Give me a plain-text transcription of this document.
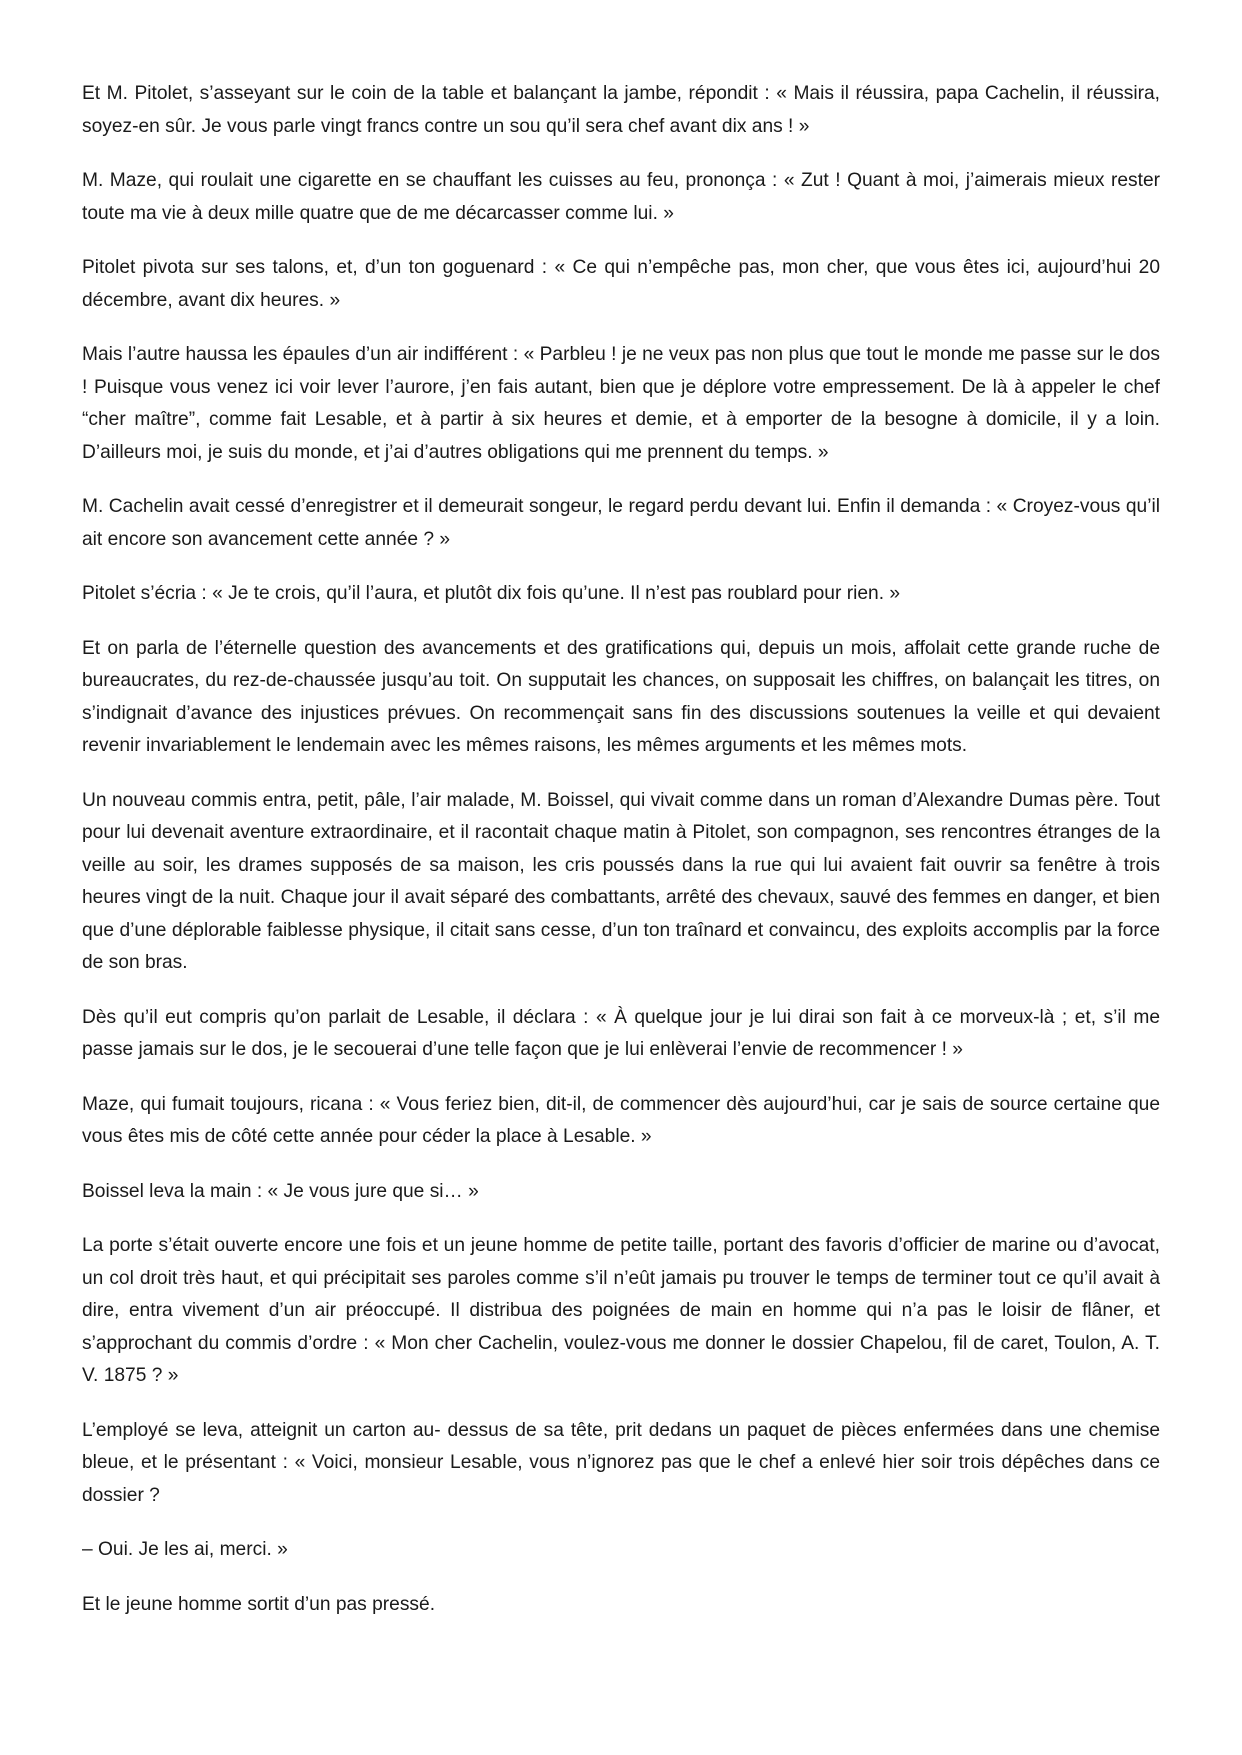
Et M. Pitolet, s’asseyant sur le coin de la table et balançant la jambe, répondit : « Mais il réussira, papa Cachelin, il réussira, soyez-en sûr. Je vous parle vingt francs contre un sou qu’il sera chef avant dix ans ! »

M. Maze, qui roulait une cigarette en se chauffant les cuisses au feu, prononça : « Zut ! Quant à moi, j’aimerais mieux rester toute ma vie à deux mille quatre que de me décarcasser comme lui. »

Pitolet pivota sur ses talons, et, d’un ton goguenard : « Ce qui n’empêche pas, mon cher, que vous êtes ici, aujourd’hui 20 décembre, avant dix heures. »

Mais l’autre haussa les épaules d’un air indifférent : « Parbleu ! je ne veux pas non plus que tout le monde me passe sur le dos ! Puisque vous venez ici voir lever l’aurore, j’en fais autant, bien que je déplore votre empressement. De là à appeler le chef “cher maître”, comme fait Lesable, et à partir à six heures et demie, et à emporter de la besogne à domicile, il y a loin. D’ailleurs moi, je suis du monde, et j’ai d’autres obligations qui me prennent du temps. »

M. Cachelin avait cessé d’enregistrer et il demeurait songeur, le regard perdu devant lui. Enfin il demanda : « Croyez-vous qu’il ait encore son avancement cette année ? »

Pitolet s’écria : « Je te crois, qu’il l’aura, et plutôt dix fois qu’une. Il n’est pas roublard pour rien. »

Et on parla de l’éternelle question des avancements et des gratifications qui, depuis un mois, affolait cette grande ruche de bureaucrates, du rez-de-chaussée jusqu’au toit. On supputait les chances, on supposait les chiffres, on balançait les titres, on s’indignait d’avance des injustices prévues. On recommençait sans fin des discussions soutenues la veille et qui devaient revenir invariablement le lendemain avec les mêmes raisons, les mêmes arguments et les mêmes mots.

Un nouveau commis entra, petit, pâle, l’air malade, M. Boissel, qui vivait comme dans un roman d’Alexandre Dumas père. Tout pour lui devenait aventure extraordinaire, et il racontait chaque matin à Pitolet, son compagnon, ses rencontres étranges de la veille au soir, les drames supposés de sa maison, les cris poussés dans la rue qui lui avaient fait ouvrir sa fenêtre à trois heures vingt de la nuit. Chaque jour il avait séparé des combattants, arrêté des chevaux, sauvé des femmes en danger, et bien que d’une déplorable faiblesse physique, il citait sans cesse, d’un ton traînard et convaincu, des exploits accomplis par la force de son bras.

Dès qu’il eut compris qu’on parlait de Lesable, il déclara : « À quelque jour je lui dirai son fait à ce morveux-là ; et, s’il me passe jamais sur le dos, je le secouerai d’une telle façon que je lui enlèverai l’envie de recommencer ! »

Maze, qui fumait toujours, ricana : « Vous feriez bien, dit-il, de commencer dès aujourd’hui, car je sais de source certaine que vous êtes mis de côté cette année pour céder la place à Lesable. »

Boissel leva la main : « Je vous jure que si… »

La porte s’était ouverte encore une fois et un jeune homme de petite taille, portant des favoris d’officier de marine ou d’avocat, un col droit très haut, et qui précipitait ses paroles comme s’il n’eût jamais pu trouver le temps de terminer tout ce qu’il avait à dire, entra vivement d’un air préoccupé. Il distribua des poignées de main en homme qui n’a pas le loisir de flâner, et s’approchant du commis d’ordre : « Mon cher Cachelin, voulez-vous me donner le dossier Chapelou, fil de caret, Toulon, A. T. V. 1875 ? »

L’employé se leva, atteignit un carton au- dessus de sa tête, prit dedans un paquet de pièces enfermées dans une chemise bleue, et le présentant : « Voici, monsieur Lesable, vous n’ignorez pas que le chef a enlevé hier soir trois dépêches dans ce dossier ?

– Oui. Je les ai, merci. »

Et le jeune homme sortit d’un pas pressé.
